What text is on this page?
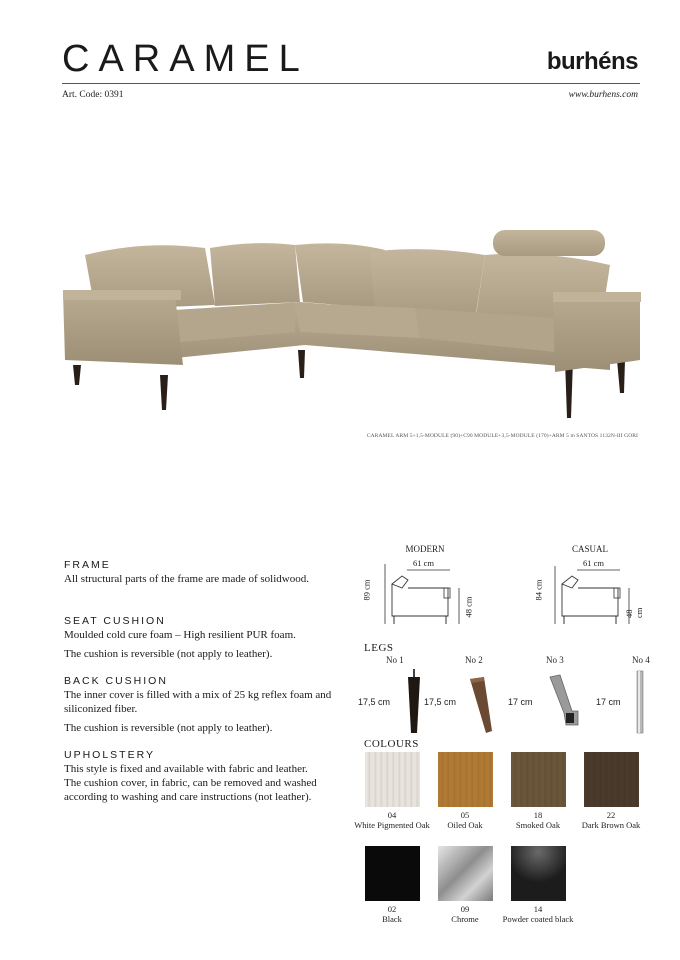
CARAMEL	burhéns
Art. Code: 0391	www.burhens.com
CARAMEL ARM 5+1,5-MODULE (90)+C90 MODULE+3,5-MODULE (170)+ARM 5 m SANTOS 1132N-III GORI

FRAME

All structural parts of the frame are made of solidwood.

SEAT CUSHION

Moulded cold cure foam – High resilient PUR foam.

The cushion is reversible (not apply to leather).

BACK CUSHION

The inner cover is filled with a mix of 25 kg reflex foam and siliconized fiber.

The cushion is reversible (not apply to leather).

UPHOLSTERY

This style is fixed and available with fabric and leather.

The cushion cover, in fabric, can be removed and washed according to washing and care instructions (not leather).

MODERN
61 cm
89 cm
48 cm
CASUAL
61 cm
84 cm
48 cm
LEGS
No 1	No 2	No 3	No 4
17,5 cm	17,5 cm	17 cm	17 cm
COLOURS
04
White Pigmented Oak
05
Oiled Oak
18
Smoked Oak
22
Dark Brown Oak
02
Black
09
Chrome
14
Powder coated black
